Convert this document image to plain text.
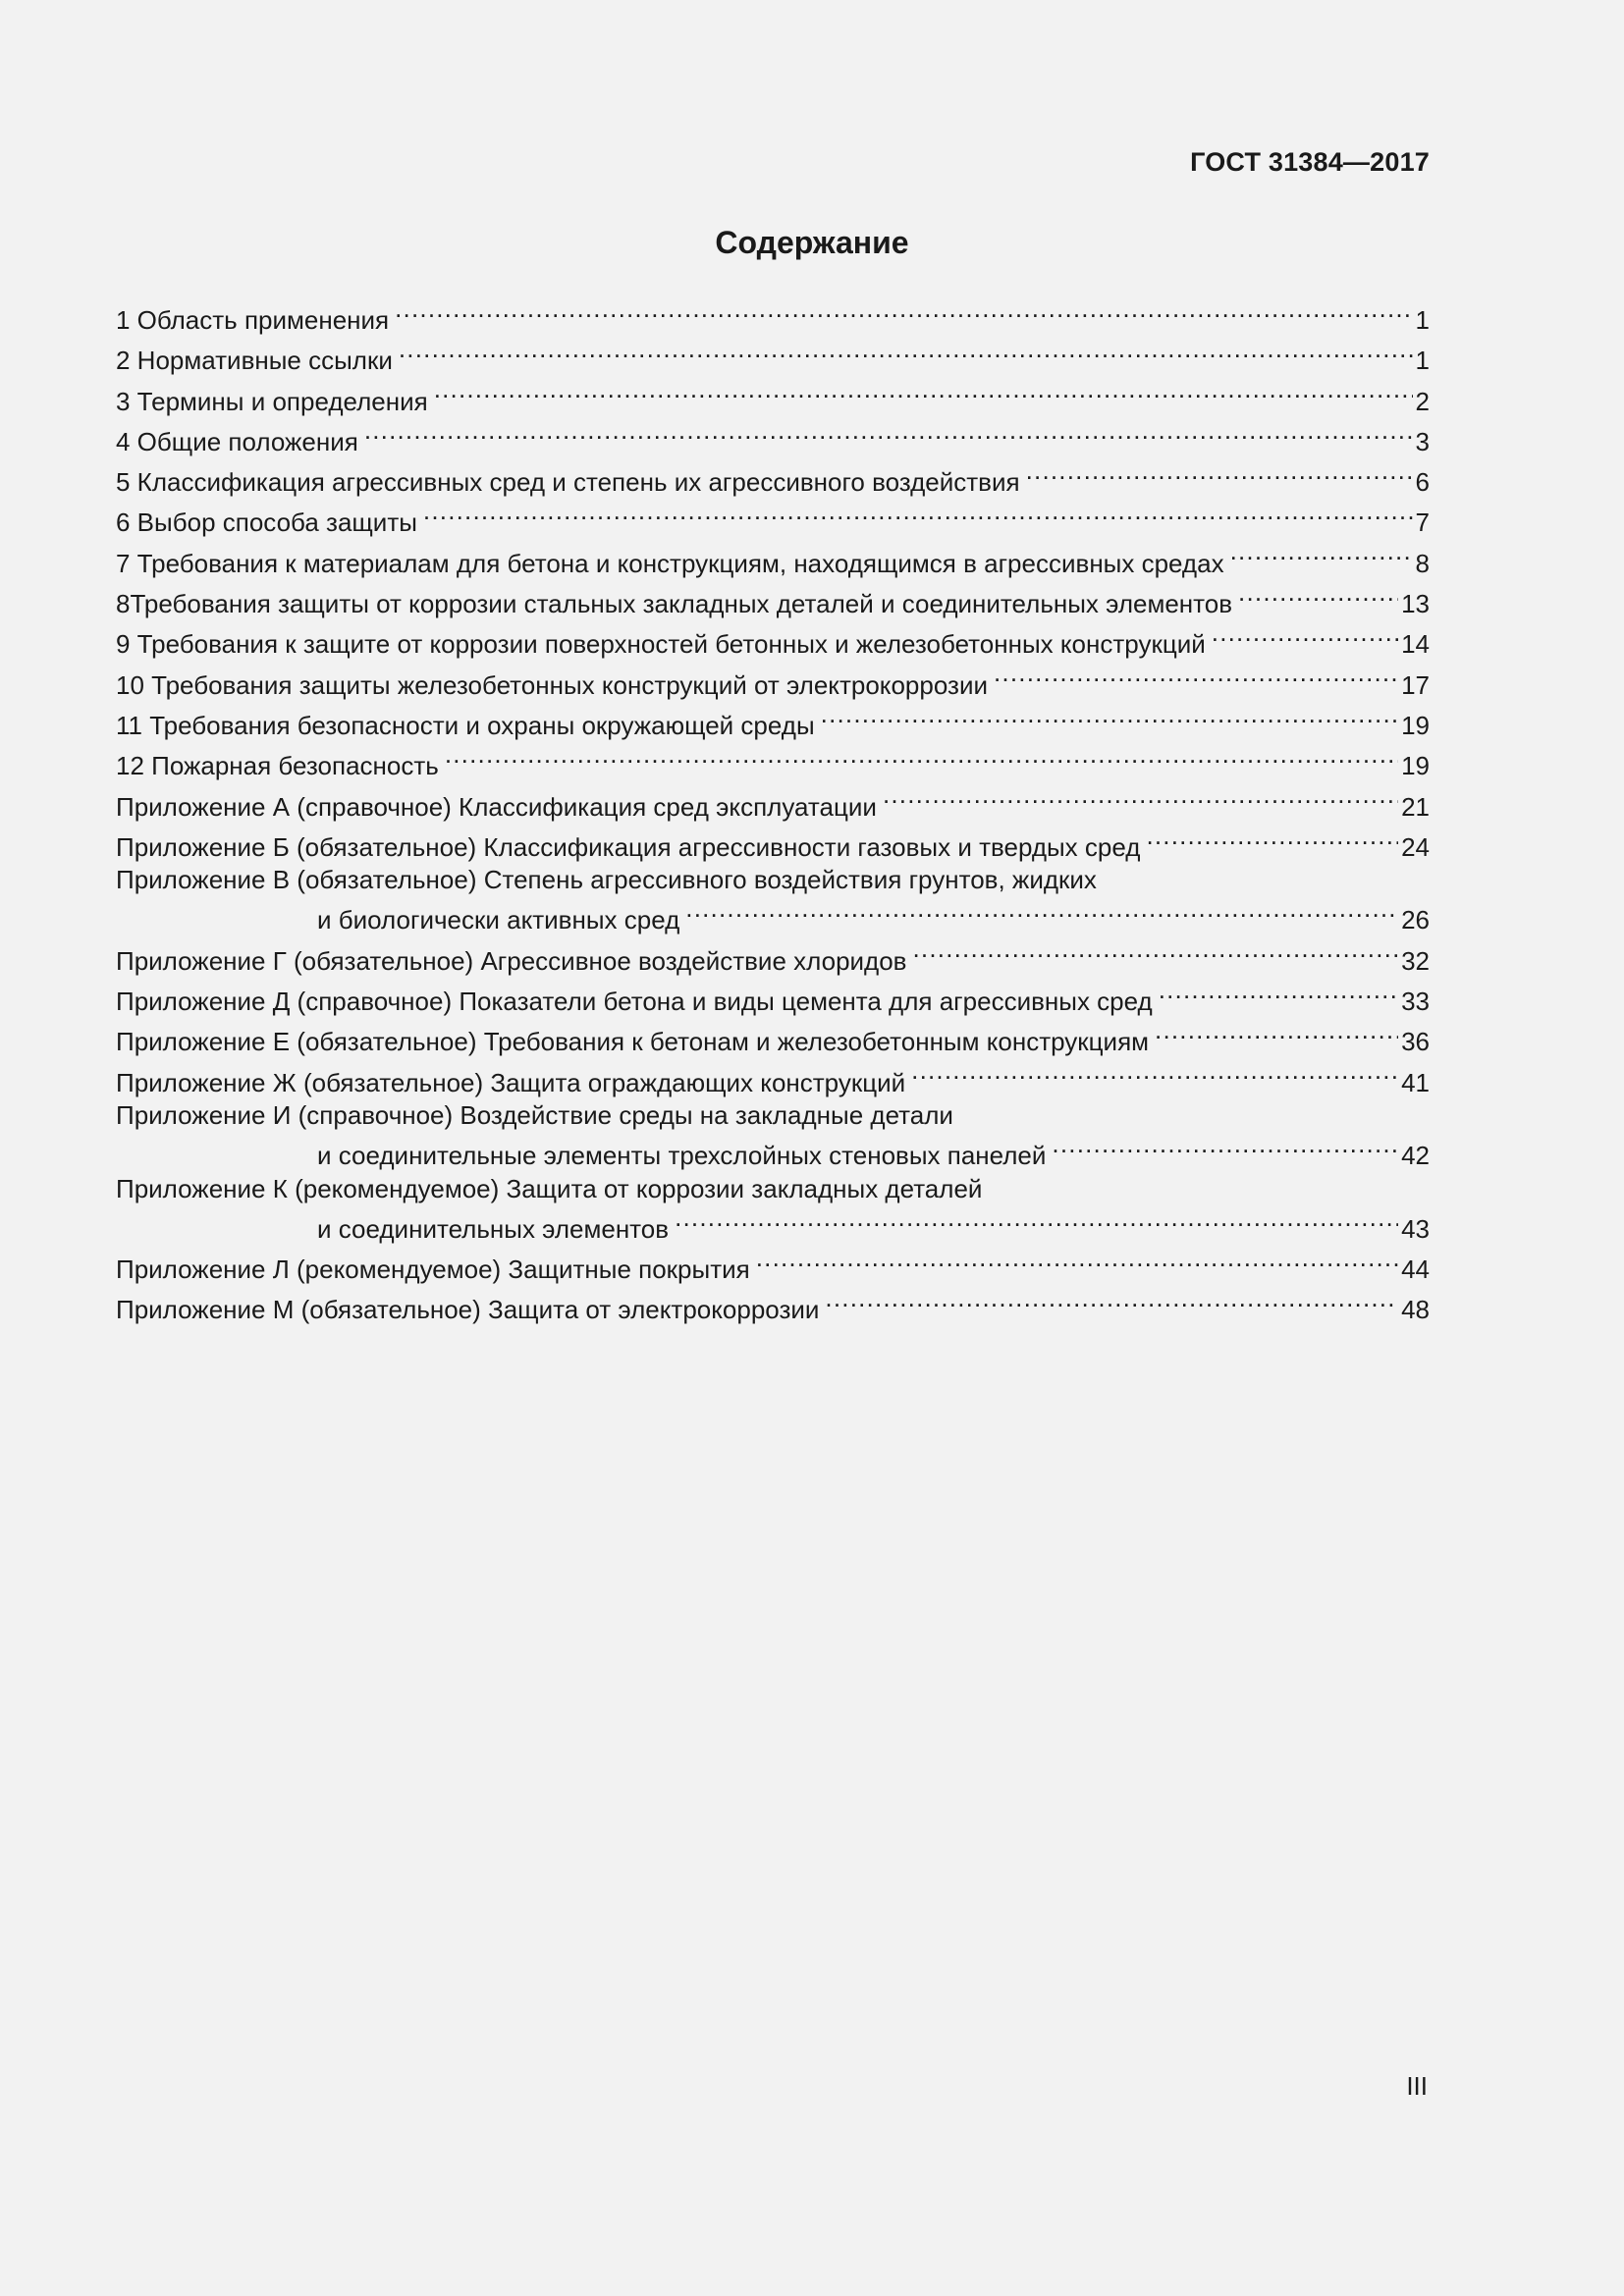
ГОСТ 31384—2017
Содержание
1 Область применения .....	1
2 Нормативные ссылки .....	1
3 Термины и определения .....	2
4 Общие положения .....	3
5 Классификация агрессивных сред и степень их агрессивного воздействия .....	6
6 Выбор способа защиты .....	7
7 Требования к материалам для бетона и конструкциям, находящимся в агрессивных средах .....	8
8Требования защиты от коррозии стальных закладных деталей и соединительных элементов .....	13
9 Требования к защите от коррозии поверхностей бетонных и железобетонных конструкций .....	14
10 Требования защиты железобетонных конструкций от электрокоррозии .....	17
11 Требования безопасности и охраны окружающей среды .....	19
12 Пожарная безопасность .....	19
Приложение А (справочное) Классификация сред эксплуатации .....	21
Приложение Б (обязательное) Классификация агрессивности газовых и твердых сред .....	24
Приложение В (обязательное) Степень агрессивного воздействия грунтов, жидких
и биологически активных сред .....	26
Приложение Г (обязательное) Агрессивное воздействие хлоридов .....	32
Приложение Д (справочное) Показатели бетона и виды цемента для агрессивных сред .....	33
Приложение Е (обязательное) Требования к бетонам и железобетонным конструкциям .....	36
Приложение Ж (обязательное) Защита ограждающих конструкций .....	41
Приложение И (справочное) Воздействие среды на закладные детали
и соединительные элементы трехслойных стеновых панелей .....	42
Приложение К (рекомендуемое) Защита от коррозии закладных деталей
и соединительных элементов .....	43
Приложение Л (рекомендуемое) Защитные покрытия .....	44
Приложение М (обязательное) Защита от электрокоррозии .....	48
III
